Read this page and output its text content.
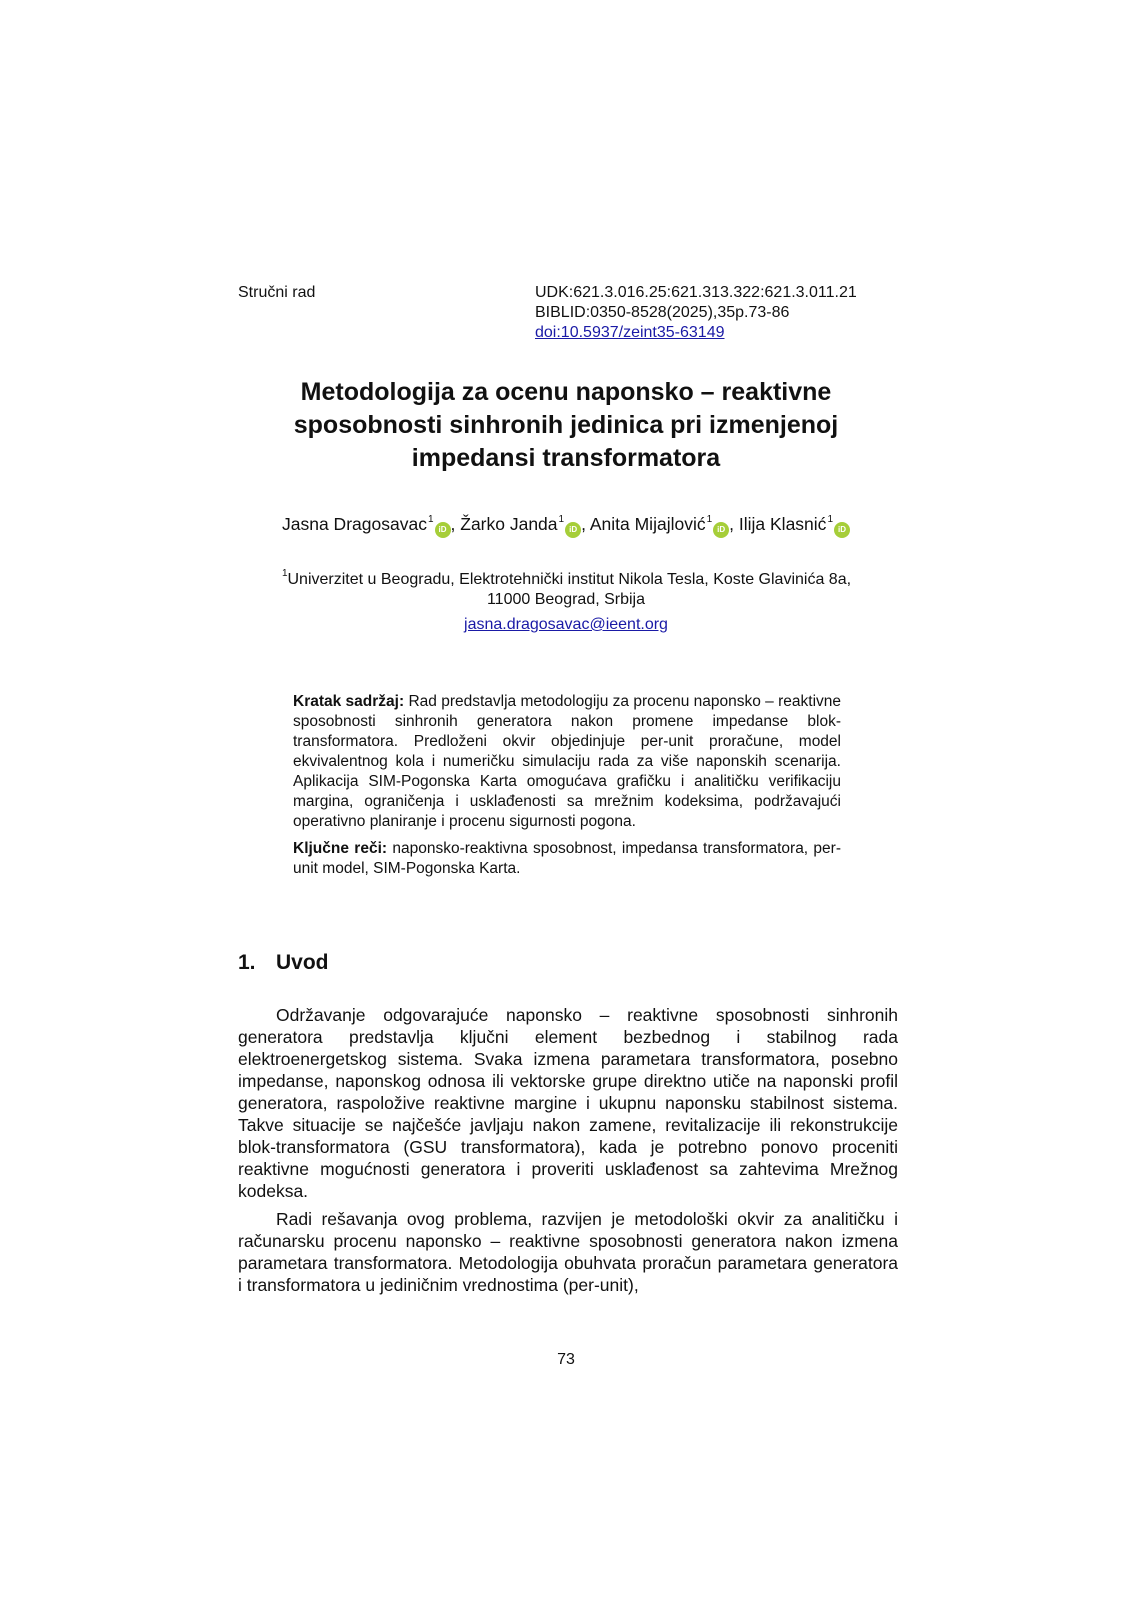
Stručni rad	UDK:621.3.016.25:621.313.322:621.3.011.21
BIBLID:0350-8528(2025),35p.73-86
doi:10.5937/zeint35-63149
Metodologija za ocenu naponsko – reaktivne
sposobnosti sinhronih jedinica pri izmenjenoj
impedansi transformatora
Jasna Dragosavac$^1$iD , Žarko Janda$^1$iD , Anita Mijajlović$^1$iD , Ilija Klasnić$^1$iD
$^1$Univerzitet u Beogradu, Elektrotehnički institut Nikola Tesla, Koste Glavinića 8a,
11000 Beograd, Srbija
jasna.dragosavac@ieent.org
Kratak sadržaj: Rad predstavlja metodologiju za procenu naponsko – reaktivne sposobnosti sinhronih generatora nakon promene impedanse blok-transformatora. Predloženi okvir objedinjuje per-unit proračune, model ekvivalentnog kola i numeričku simulaciju rada za više naponskih scenarija. Aplikacija SIM-Pogonska Karta omogućava grafičku i analitičku verifikaciju margina, ograničenja i usklađenosti sa mrežnim kodeksima, podržavajući operativno planiranje i procenu sigurnosti pogona.
Ključne reči: naponsko-reaktivna sposobnost, impedansa transformatora, per-unit model, SIM-Pogonska Karta.
1. Uvod

Održavanje odgovarajuće naponsko – reaktivne sposobnosti sinhronih generatora predstavlja ključni element bezbednog i stabilnog rada elektroenergetskog sistema. Svaka izmena parametara transformatora, posebno impedanse, naponskog odnosa ili vektorske grupe direktno utiče na naponski profil generatora, raspoložive reaktivne margine i ukupnu naponsku stabilnost sistema. Takve situacije se najčešće javljaju nakon zamene, revitalizacije ili rekonstrukcije blok-transformatora (GSU transformatora), kada je potrebno ponovo proceniti reaktivne mogućnosti generatora i proveriti usklađenost sa zahtevima Mrežnog kodeksa.

Radi rešavanja ovog problema, razvijen je metodološki okvir za analitičku i računarsku procenu naponsko – reaktivne sposobnosti generatora nakon izmena parametara transformatora. Metodologija obuhvata proračun parametara generatora i transformatora u jediničnim vrednostima (per-unit),

73
